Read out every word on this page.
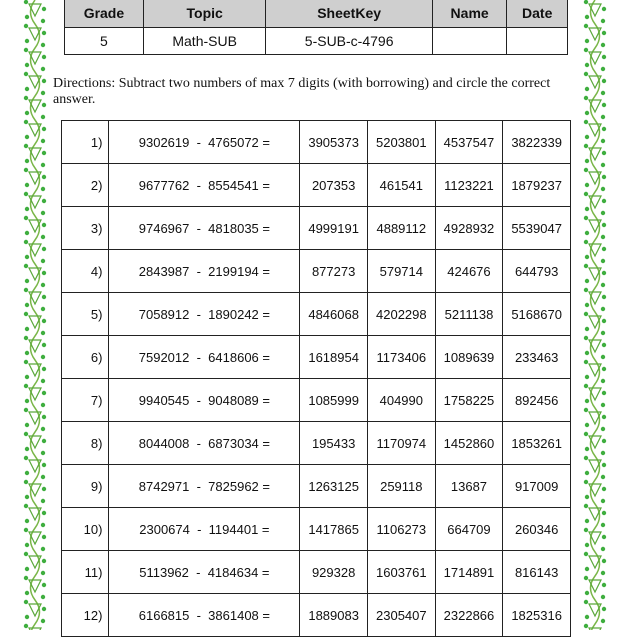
Grade	Topic	SheetKey	Name	Date
5	Math-SUB	5-SUB-c-4796		
Directions: Subtract two numbers of max 7 digits (with borrowing) and circle the correct answer.
1)	9302619  -  4765072 =	3905373	5203801	4537547	3822339
2)	9677762  -  8554541 =	207353	461541	1123221	1879237
3)	9746967  -  4818035 =	4999191	4889112	4928932	5539047
4)	2843987  -  2199194 =	877273	579714	424676	644793
5)	7058912  -  1890242 =	4846068	4202298	5211138	5168670
6)	7592012  -  6418606 =	1618954	1173406	1089639	233463
7)	9940545  -  9048089 =	1085999	404990	1758225	892456
8)	8044008  -  6873034 =	195433	1170974	1452860	1853261
9)	8742971  -  7825962 =	1263125	259118	13687	917009
10)	2300674  -  1194401 =	1417865	1106273	664709	260346
11)	5113962  -  4184634 =	929328	1603761	1714891	816143
12)	6166815  -  3861408 =	1889083	2305407	2322866	1825316
